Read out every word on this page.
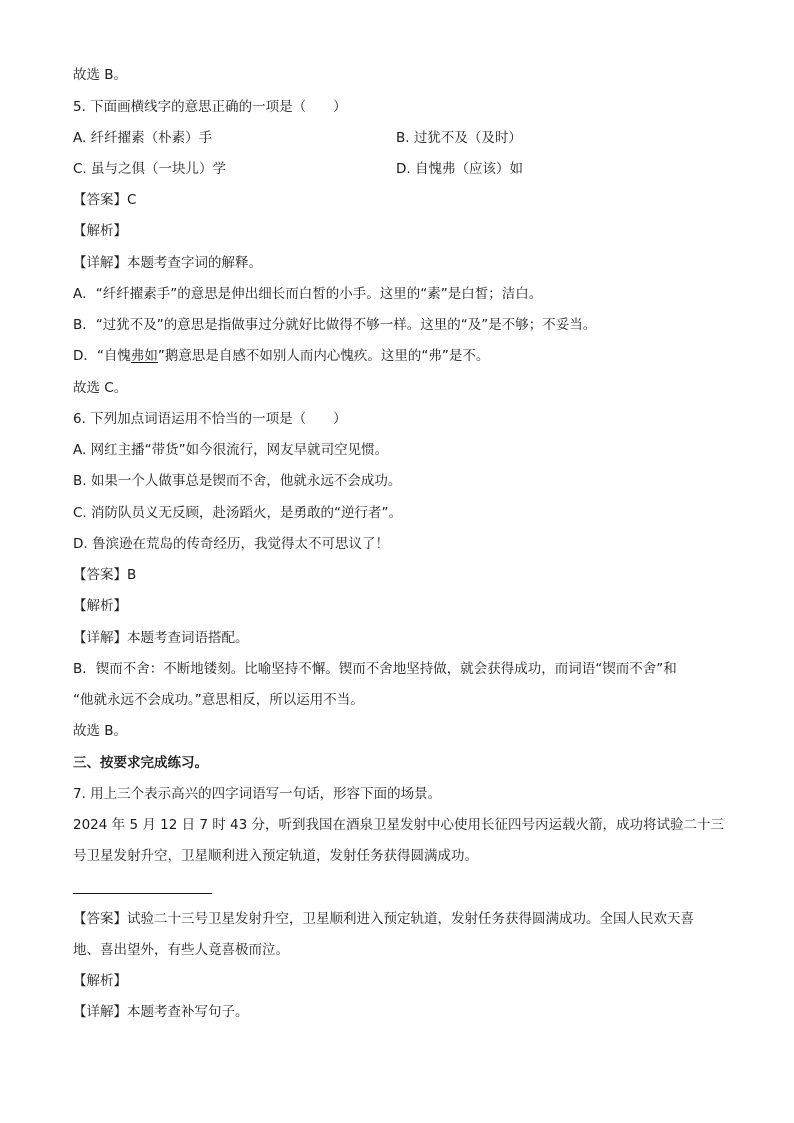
故选 B。
5. 下面画横线字的意思正确的一项是（　　）
A. 纤纤擢素（朴素）手	B. 过犹不及（及时）
C. 虽与之俱（一块儿）学	D. 自愧弗（应该）如
【答案】C
【解析】
【详解】本题考查字词的解释。
A．“纤纤擢素手”的意思是伸出细长而白皙的小手。这里的“素”是白皙；洁白。
B．“过犹不及”的意思是指做事过分就好比做得不够一样。这里的“及”是不够；不妥当。
D．“自愧弗如”鹅意思是自感不如别人而内心愧疚。这里的“弗”是不。
故选 C。
6. 下列加点词语运用不恰当的一项是（　　）
A. 网红主播“带货”如今很流行，网友早就司空见惯。
B. 如果一个人做事总是锲而不舍，他就永远不会成功。
C. 消防队员义无反顾，赴汤蹈火，是勇敢的“逆行者”。
D. 鲁滨逊在荒岛的传奇经历，我觉得太不可思议了！
【答案】B
【解析】
【详解】本题考查词语搭配。
B．锲而不舍：不断地镂刻。比喻坚持不懈。锲而不舍地坚持做，就会获得成功，而词语“锲而不舍”和
“他就永远不会成功。”意思相反，所以运用不当。
故选 B。
三、按要求完成练习。
7. 用上三个表示高兴的四字词语写一句话，形容下面的场景。
2024 年 5 月 12 日 7 时 43 分，听到我国在酒泉卫星发射中心使用长征四号丙运载火箭，成功将试验二十三
号卫星发射升空，卫星顺利进入预定轨道，发射任务获得圆满成功。
【答案】试验二十三号卫星发射升空，卫星顺利进入预定轨道，发射任务获得圆满成功。全国人民欢天喜
地、喜出望外，有些人竟喜极而泣。
【解析】
【详解】本题考查补写句子。
